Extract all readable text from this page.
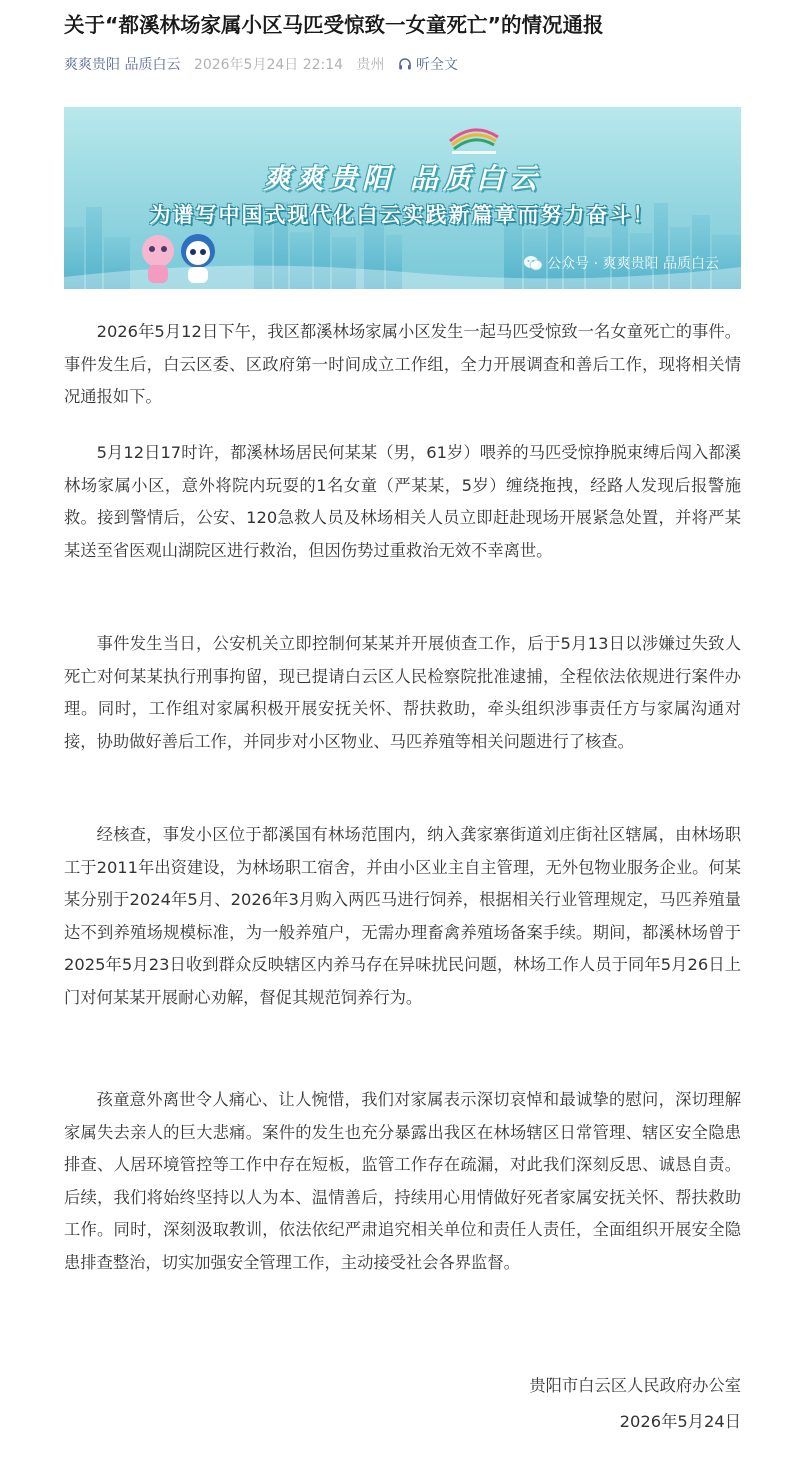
关于“都溪林场家属小区马匹受惊致一女童死亡”的情况通报
爽爽贵阳 品质白云 2026年5月24日 22:14 贵州 听全文
爽爽贵阳 品质白云
为谱写中国式现代化白云实践新篇章而努力奋斗！
公众号 · 爽爽贵阳 品质白云

2026年5月12日下午，我区都溪林场家属小区发生一起马匹受惊致一名女童死亡的事件。事件发生后，白云区委、区政府第一时间成立工作组，全力开展调查和善后工作，现将相关情况通报如下。

5月12日17时许，都溪林场居民何某某（男，61岁）喂养的马匹受惊挣脱束缚后闯入都溪林场家属小区，意外将院内玩耍的1名女童（严某某，5岁）缠绕拖拽，经路人发现后报警施救。接到警情后，公安、120急救人员及林场相关人员立即赶赴现场开展紧急处置，并将严某某送至省医观山湖院区进行救治，但因伤势过重救治无效不幸离世。

事件发生当日，公安机关立即控制何某某并开展侦查工作，后于5月13日以涉嫌过失致人死亡对何某某执行刑事拘留，现已提请白云区人民检察院批准逮捕，全程依法依规进行案件办理。同时，工作组对家属积极开展安抚关怀、帮扶救助，牵头组织涉事责任方与家属沟通对接，协助做好善后工作，并同步对小区物业、马匹养殖等相关问题进行了核查。

经核查，事发小区位于都溪国有林场范围内，纳入龚家寨街道刘庄街社区辖属，由林场职工于2011年出资建设，为林场职工宿舍，并由小区业主自主管理，无外包物业服务企业。何某某分别于2024年5月、2026年3月购入两匹马进行饲养，根据相关行业管理规定，马匹养殖量达不到养殖场规模标准，为一般养殖户，无需办理畜禽养殖场备案手续。期间，都溪林场曾于2025年5月23日收到群众反映辖区内养马存在异味扰民问题，林场工作人员于同年5月26日上门对何某某开展耐心劝解，督促其规范饲养行为。

孩童意外离世令人痛心、让人惋惜，我们对家属表示深切哀悼和最诚挚的慰问，深切理解家属失去亲人的巨大悲痛。案件的发生也充分暴露出我区在林场辖区日常管理、辖区安全隐患排查、人居环境管控等工作中存在短板，监管工作存在疏漏，对此我们深刻反思、诚恳自责。后续，我们将始终坚持以人为本、温情善后，持续用心用情做好死者家属安抚关怀、帮扶救助工作。同时，深刻汲取教训，依法依纪严肃追究相关单位和责任人责任，全面组织开展安全隐患排查整治，切实加强安全管理工作，主动接受社会各界监督。

贵阳市白云区人民政府办公室
2026年5月24日
